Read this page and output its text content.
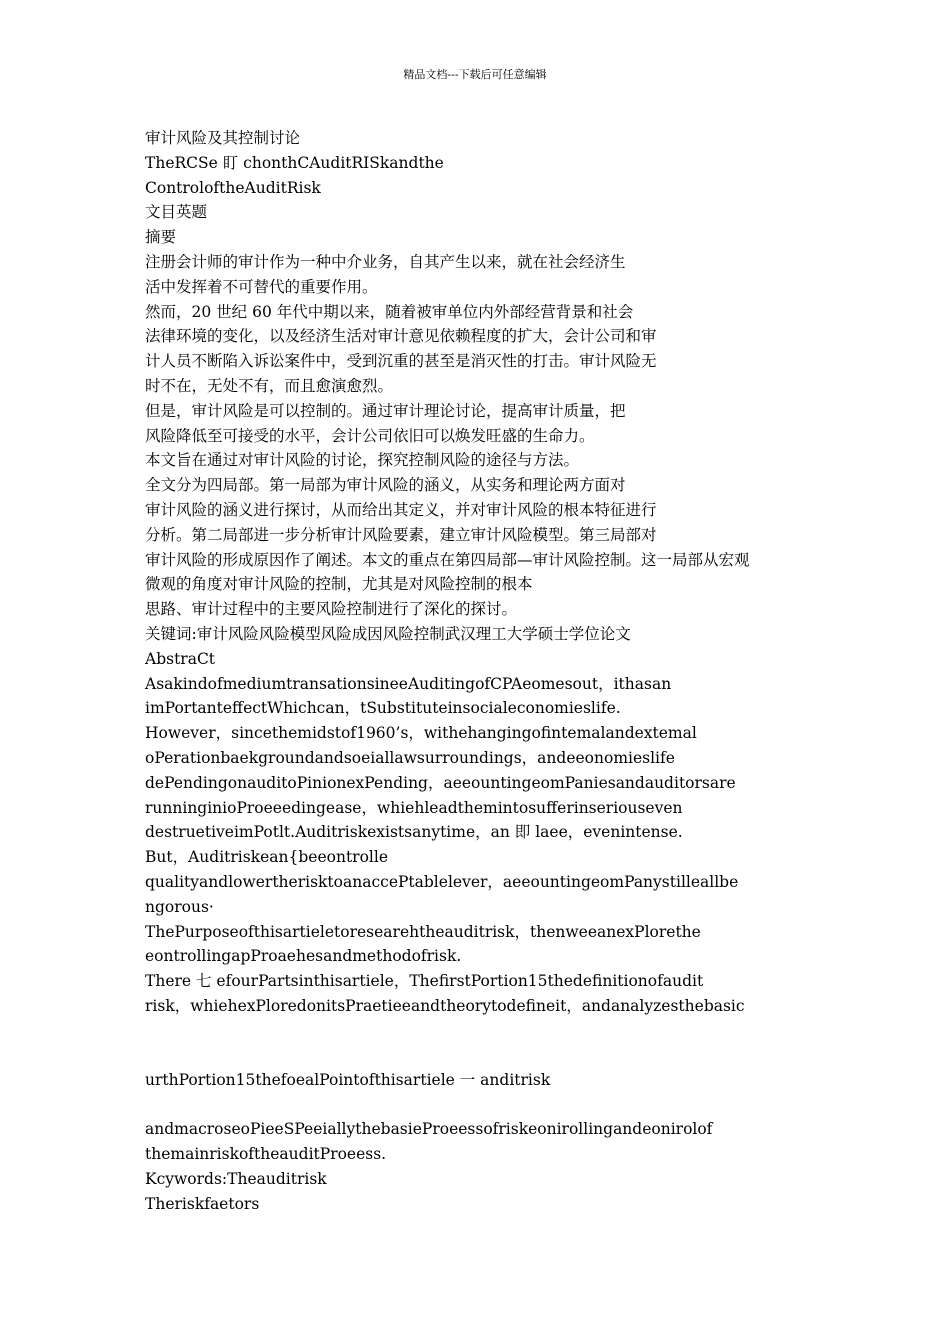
精品文档---下载后可任意编辑
审计风险及其控制讨论
TheRCSe 盯 chonthCAuditRISkandthe
ControloftheAuditRisk
文目英题
摘要
注册会计师的审计作为一种中介业务，自其产生以来，就在社会经济生
活中发挥着不可替代的重要作用。
然而，20 世纪 60 年代中期以来，随着被审单位内外部经营背景和社会
法律环境的变化，以及经济生活对审计意见依赖程度的扩大，会计公司和审
计人员不断陷入诉讼案件中，受到沉重的甚至是消灭性的打击。审计风险无
时不在，无处不有，而且愈演愈烈。
但是，审计风险是可以控制的。通过审计理论讨论，提高审计质量，把
风险降低至可接受的水平，会计公司依旧可以焕发旺盛的生命力。
本文旨在通过对审计风险的讨论，探究控制风险的途径与方法。
全文分为四局部。第一局部为审计风险的涵义，从实务和理论两方面对
审计风险的涵义进行探讨，从而给出其定义，并对审计风险的根本特征进行
分析。第二局部进一步分析审计风险要素，建立审计风险模型。第三局部对
审计风险的形成原因作了阐述。本文的重点在第四局部—审计风险控制。这一局部从宏观
微观的角度对审计风险的控制，尤其是对风险控制的根本
思路、审计过程中的主要风险控制进行了深化的探讨。
关键词:审计风险风险模型风险成因风险控制武汉理工大学硕士学位论文
AbstraCt
AsakindofmediumtransationsineeAuditingofCPAeomesout，ithasan
imPortanteffectWhichcan，tSubstituteinsocialeconomieslife.
However，sincethemidstof1960’s，withehangingofintemalandextemal
oPerationbaekgroundandsoeiallawsurroundings，andeeonomieslife
dePendingonauditoPinionexPending，aeeountingeomPaniesandauditorsare
runninginioProeeedingease，whiehleadthemintosufferinseriouseven
destruetiveimPotlt.Auditriskexistsanytime，an 即 laee，evenintense.
But，Auditriskean{beeontrolle
qualityandlowertherisktoanaccePtablelever，aeeountingeomPanystilleallbe
ngorous·
ThePurposeofthisartieletoresearehtheauditrisk，thenweeanexPlorethe
eontrollingapProaehesandmethodofrisk.
There 七 efourPartsinthisartiele，ThefirstPortion15thedefinitionofaudit
risk，whiehexPloredonitsPraetieeandtheorytodefineit，andanalyzesthebasic
urthPortion15thefoealPointofthisartiele 一 anditrisk
andmacroseoPieeSPeeiallythebasieProeessofriskeonirollingandeonirolof
themainriskoftheauditProeess.
Kcywords:Theauditrisk
Theriskfaetors
